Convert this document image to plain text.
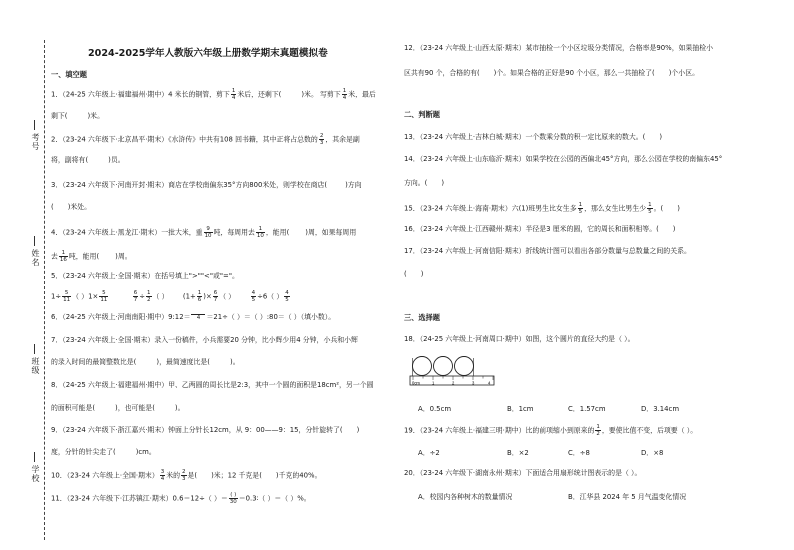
考号
姓名
班级
学校
2024-2025学年人教版六年级上册数学期末真题模拟卷
一、填空题
1．（24-25 六年级上·福建福州·期中）4 米长的钢管，剪下 $\frac{1}{4}$ 米后，还剩下(	)米。 写剪下 $\frac{1}{4}$ 米，最后
剩下(	)米。
2．（23-24 六年级下·北京昌平·期末）《水浒传》中共有108 回书籍，其中正将占总数的 $\frac{2}{3}$ ，其余是副
将，副将有(	)员。
3．（23-24 六年级下·河南开封·期末）商店在学校南偏东35°方向800米处，则学校在商店(	)方向
( )米处。
4．（23-24 六年级上·黑龙江·期末）一批大米，重 $\frac{9}{10}$ 吨，每周用去 $\frac{1}{10}$ ，能用( )周，如果每周用
去 $\frac{1}{16}$ 吨，能用( )周。
5．（23-24 六年级上·全国·期末）在括号填上">""<"或"="。
$1\div \frac{5}{11}$ （ ）$1\times \frac{5}{11}$
	$\frac{6}{7} \div \frac{1}{2}$ （ ） ($1+ \frac{1}{6}$ )× $\frac{6}{7}$ （ ）	$\frac{4}{5} \div 6$（ ） $\frac{4}{5}$
6．（24-25 六年级上·河南南阳·期中）9:12＝	4 ＝21÷（ ）＝（ ）:80＝（ ）（填小数）。
7．（23-24 六年级上·全国·期末）录入一份稿件，小兵需要20 分钟，比小辉少用4 分钟，小兵和小辉
的录入时间的最简整数比是(	)，最简速度比是(	)。
8．（24-25 六年级上·福建福州·期中）甲、乙两圆的周长比是2:3，其中一个圆的面积是18cm²，另一个圆
的面积可能是(	)，也可能是(	)。
9．（23-24 六年级下·浙江嘉兴·期末）钟面上分针长12cm，从 9：00——9：15，分针旋转了( )
度，分针的针尖走了(	)cm。
10．（23-24 六年级上·全国·期末） $\frac{3}{4}$ 米的 $\frac{2}{3}$ 是( )米；12 千克是( )千克的40%。
11．（23-24 六年级下·江苏镇江·期末）0.6＝12÷（ ）＝ $\frac{( )}{30}$ ＝0.3∶（ ）＝（ ）%。
12．（23-24 六年级上·山西太原·期末）某市抽检一个小区垃圾分类情况，合格率是90%，如果抽检小
区共有90 个，合格的有( )个。如果合格的正好是90 个小区，那么一共抽检了( )个小区。
二、判断题
13．（23-24 六年级上·吉林白城·期末）一个数乘分数的积一定比原来的数大。( )
14．（23-24 六年级上·山东临沂·期末）如果学校在公园的西偏北45°方向，那么公园在学校的南偏东45°
方向。( )
15．（23-24 六年级上·海南·期末）六(1)班男生比女生多 $\frac{1}{5}$ ，那么女生比男生少 $\frac{1}{5}$ 。( )
16．（23-24 六年级上·江西赣州·期末）半径是3 厘米的圆，它的周长和面积相等。( )
17．（23-24 六年级上·河南信阳·期末）折线统计图可以看出各部分数量与总数量之间的关系。
( )
三、选择题
18．（24-25 六年级上·河南周口·期中）如图，这个圆片的直径大约是（ ）。
0cm	1	2	3	4
A．0.5cm	B．1cm	C．1.57cm	D．3.14cm
19．（23-24 六年级上·福建三明·期中）比的前项缩小到原来的 $\frac{1}{2}$ ，要使比值不变，后项要（ ）。
A．÷2	B．×2	C．÷8	D．×8
20．（23-24 六年级下·湖南永州·期末）下面适合用扇形统计图表示的是（ ）。
A．校园内各种树木的数量情况	B．江华县 2024 年 5 月气温变化情况
